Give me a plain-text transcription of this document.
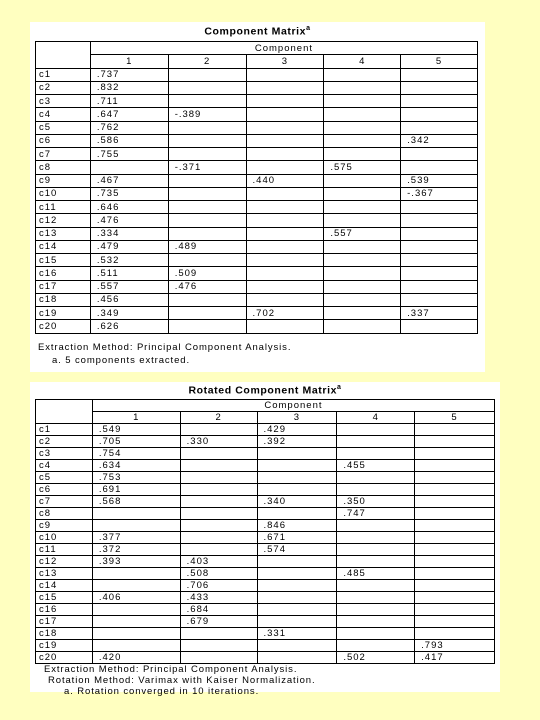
Component Matrix$^a$
	Component				
	1	2	3	4	5
c1	.737				
c2	.832				
c3	.711				
c4	.647	-.389			
c5	.762				
c6	.586				.342
c7	.755				
c8		-.371		.575	
c9	.467		.440		.539
c10	.735				-.367
c11	.646				
c12	.476				
c13	.334			.557	
c14	.479	.489			
c15	.532				
c16	.511	.509			
c17	.557	.476			
c18	.456				
c19	.349		.702		.337
c20	.626				
Extraction Method: Principal Component Analysis.
a. 5 components extracted.
Rotated Component Matrix$^a$
	Component				
	1	2	3	4	5
c1	.549		.429		
c2	.705	.330	.392		
c3	.754				
c4	.634			.455	
c5	.753				
c6	.691				
c7	.568		.340	.350	
c8				.747	
c9			.846		
c10	.377		.671		
c11	.372		.574		
c12	.393	.403			
c13		.508		.485	
c14		.706			
c15	.406	.433			
c16		.684			
c17		.679			
c18			.331		
c19					.793
c20	.420			.502	.417
Extraction Method: Principal Component Analysis.
Rotation Method: Varimax with Kaiser Normalization.
a. Rotation converged in 10 iterations.
